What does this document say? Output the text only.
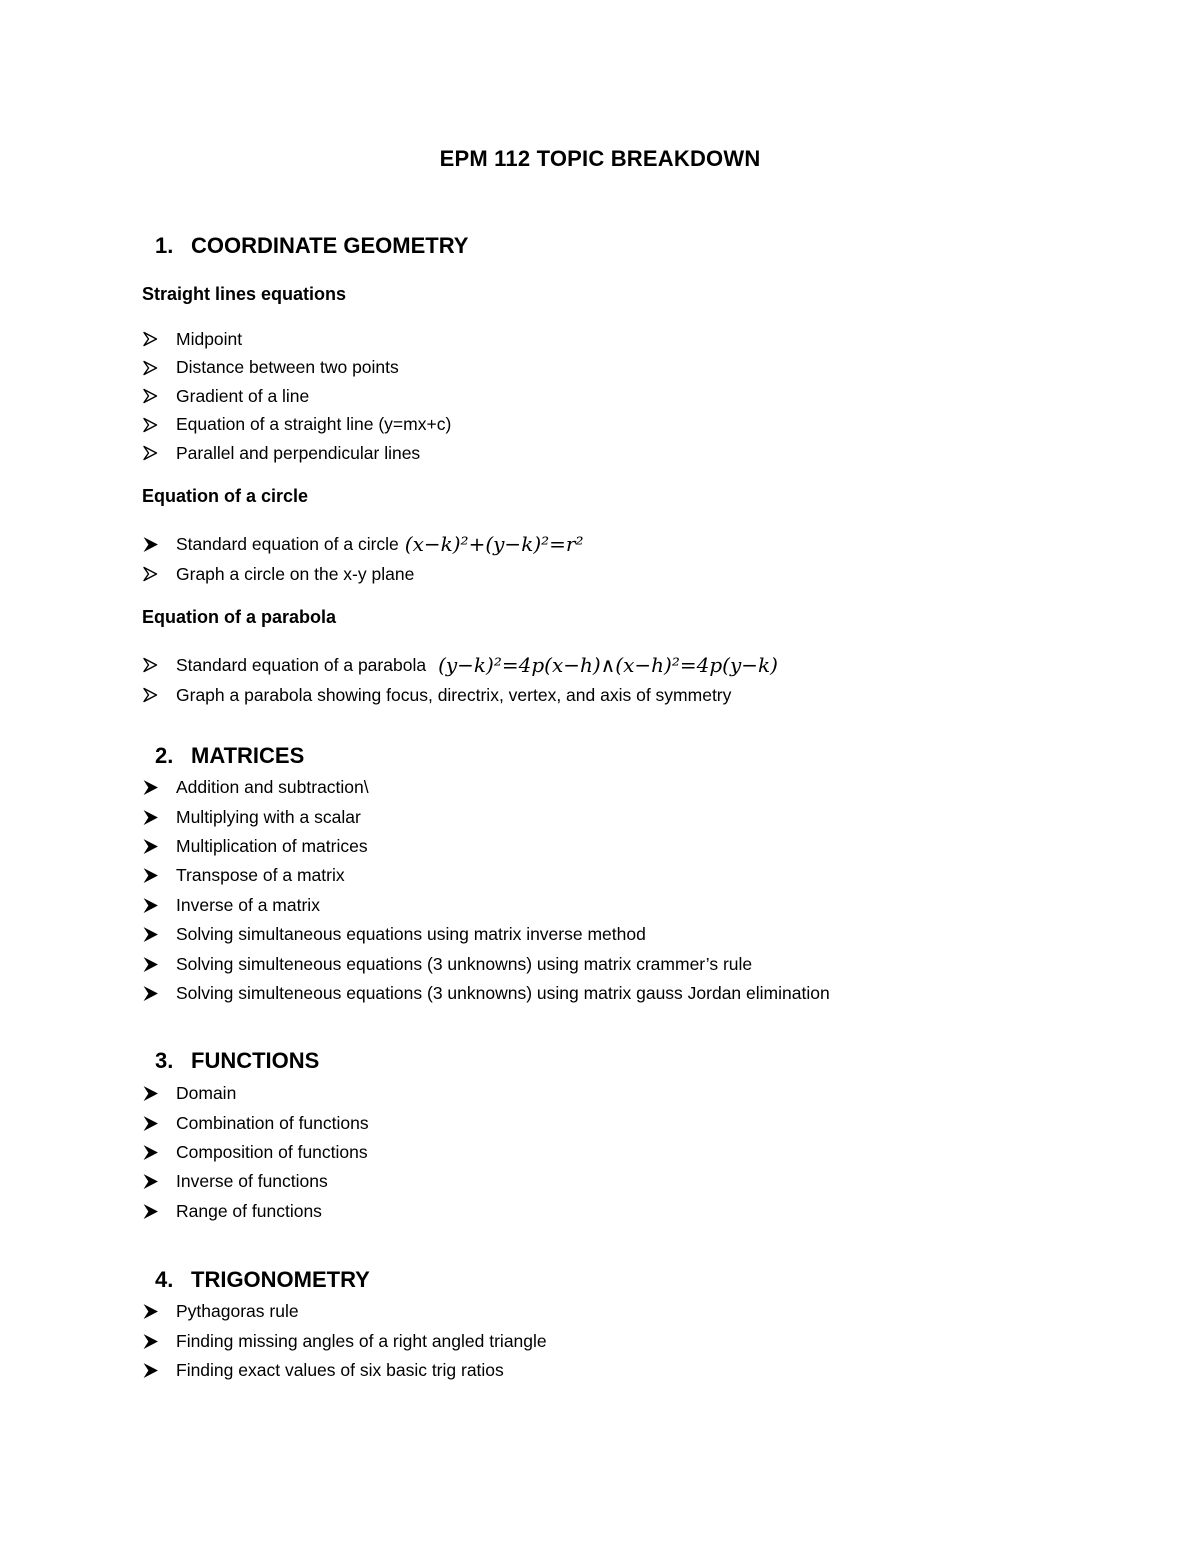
EPM 112 TOPIC BREAKDOWN
1. COORDINATE GEOMETRY
Straight lines equations
Midpoint
Distance between two points
Gradient of a line
Equation of a straight line (y=mx+c)
Parallel and perpendicular lines
Equation of a circle
Standard equation of a circle (x−k)²+(y−k)²=r²
Graph a circle on the x-y plane
Equation of a parabola
Standard equation of a parabola (y−k)²=4p(x−h)∧(x−h)²=4p(y−k)
Graph a parabola showing focus, directrix, vertex, and axis of symmetry
2. MATRICES
Addition and subtraction\
Multiplying with a scalar
Multiplication of matrices
Transpose of a matrix
Inverse of a matrix
Solving simultaneous equations using matrix inverse method
Solving simulteneous equations (3 unknowns) using matrix crammer’s rule
Solving simulteneous equations (3 unknowns) using matrix gauss Jordan elimination
3. FUNCTIONS
Domain
Combination of functions
Composition of functions
Inverse of functions
Range of functions
4. TRIGONOMETRY
Pythagoras rule
Finding missing angles of a right angled triangle
Finding exact values of six basic trig ratios
